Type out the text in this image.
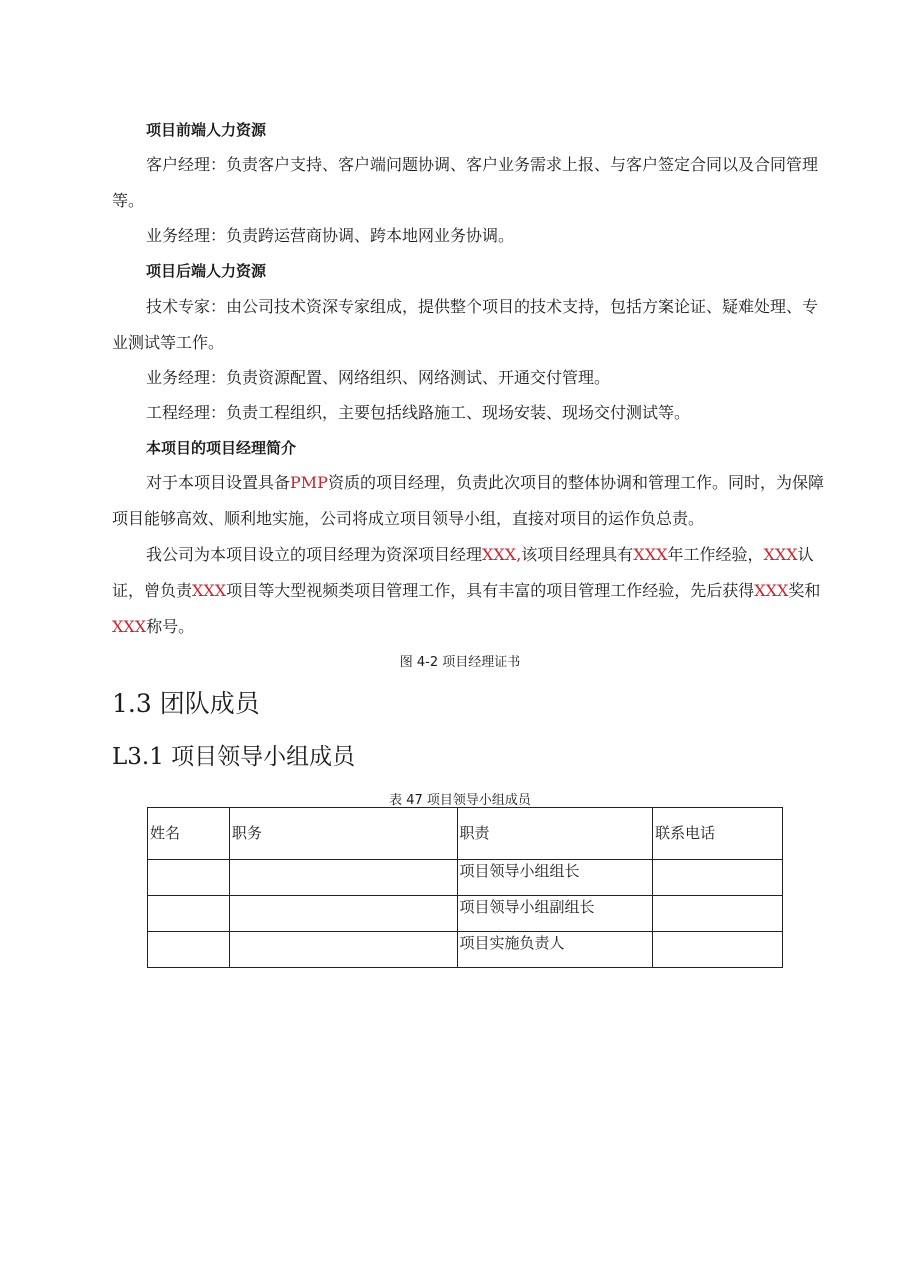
项目前端人力资源

客户经理：负责客户支持、客户端问题协调、客户业务需求上报、与客户签定合同以及合同管理等。

业务经理：负责跨运营商协调、跨本地网业务协调。

项目后端人力资源

技术专家：由公司技术资深专家组成，提供整个项目的技术支持，包括方案论证、疑难处理、专业测试等工作。

业务经理：负责资源配置、网络组织、网络测试、开通交付管理。

工程经理：负责工程组织，主要包括线路施工、现场安装、现场交付测试等。

本项目的项目经理简介

对于本项目设置具备PMP资质的项目经理，负责此次项目的整体协调和管理工作。同时，为保障项目能够高效、顺利地实施，公司将成立项目领导小组，直接对项目的运作负总责。

我公司为本项目设立的项目经理为资深项目经理XXX,该项目经理具有XXX年工作经验，XXX认证，曾负责XXX项目等大型视频类项目管理工作，具有丰富的项目管理工作经验，先后获得XXX奖和XXX称号。

图 4-2 项目经理证书
1.3 团队成员
L3.1 项目领导小组成员
表 47 项目领导小组成员
姓名	职务	职责	联系电话
		项目领导小组组长	
		项目领导小组副组长	
		项目实施负责人	
